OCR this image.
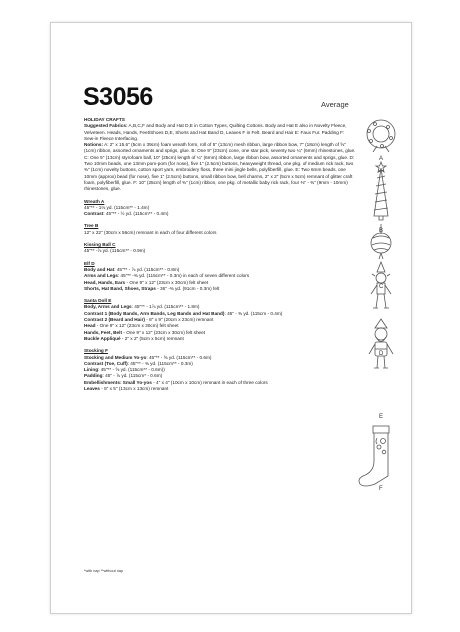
S3056	Average

HOLIDAY CRAFTS

Suggested Fabrics: A,B,C,F and Body and Hat D,E in Cotton Types, Quilting Cottons. Body and Hat E also in Novelty Fleece, Velveteen. Heads, Hands, Feet/Shoes D,E, Shorts and Hat Band D, Leaves F in Felt. Beard and Hair E: Faux Fur. Padding F: Sew-in Fleece Interfacing.

Notions: A: 2" x 15.6" (5cm x 39cm) foam wreath form, roll of 5" (13cm) mesh ribbon, large ribbon bow, 7" (18cm) length of ⅝" (1cm) ribbon, assorted ornaments and sprigs, glue. B: One 9" (23cm) cone, one star pick, seventy two ¼" (6mm) rhinestones, glue. C: One 5" (13cm) styrofoam ball, 10" (25cm) length of ¼" (6mm) ribbon, large ribbon bow, assorted ornaments and sprigs, glue. D: Two 10mm beads, one 13mm pom-pom (for nose), five 1" (2.5cm) buttons, heavyweight thread, one pkg. of medium rick rack, two ⅜" (1cm) novelty buttons, cotton sport yarn, embroidery floss, three mini jingle bells, polyfiberfill, glue. E: Two 6mm beads, one 10mm (approx) bead (for nose), five 1" (2.5cm) buttons, small ribbon bow, bell charms, 2" x 2" (5cm x 5cm) remnant of glitter craft foam, polyfiberfill, glue. F: 10" (25cm) length of ⅜" (1cm) ribbon, one pkg. of metallic baby rick rack, four ⅜" - ⅜" (9mm - 10mm) rhinestones, glue.

Wreath A
45"** - 1⅛ yd. (115cm** - 1.4m)
Contrast: 45"** - ½ yd. (115cm** - 0.4m)
Tree B
12" x 22" (30cm x 56cm) remnant in each of four different colors
Kissing Ball C
45"** -⅞ yd. (115cm** - 0.9m)
Elf D
Body and Hat: 45"** - ⅞ yd. (115cm** - 0.8m)
Arms and Legs: 45"** -⅜ yd. (115cm** - 0.3m) in each of seven different colors
Head, Hands, Ears - One 9" x 12" (23cm x 30cm) felt sheet
Shorts, Hat Band, Shoes, Straps - 36" -⅜ yd. (91cm - 0.3m) felt
Santa Doll E
Body, Arms and Legs: 45"** - 1⅞ yd. (115cm** - 1.8m)
Contrast 1 (Body Bands, Arm Bands, Leg Bands and Hat Band): 45" - ⅜ yd. (115cm - 0.4m)
Contrast 2 (Beard and Hair) - 8" x 9" (20cm x 23cm) remnant
Head - One 9" x 12" (23cm x 30cm) felt sheet
Hands, Feet, Belt - One 9" x 12" (23cm x 30cm) felt sheet
Buckle Appliqué - 2" x 2" (5cm x 5cm) remnant
Stocking F
Stocking and Medium Yo-yo: 45"** - ⅝ yd. (115cm** - 0.6m)
Contrast (Toe, Cuff): 45"** - ⅜ yd. (115cm** - 0.3m)
Lining: 45"** - ⅝ yd. (115cm** - 0.6m))
Padding: 45" - ⅞ yd. (115cm* - 0.6m)
Embellishments: Small Yo-yos - 4" x 4" (10cm x 10cm) remnant in each of three colors
Leaves - 5" x 5" (13cm x 13cm) remnant
*with nap **without nap
A
B
C
D
E
F
